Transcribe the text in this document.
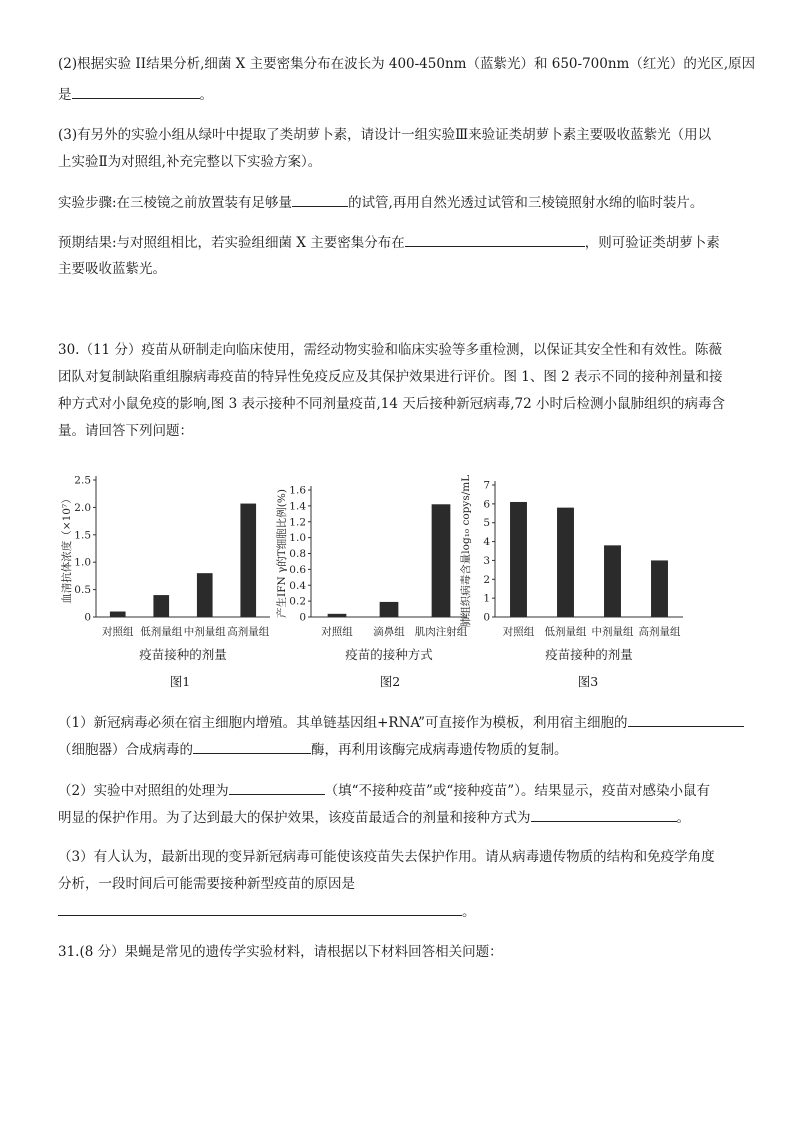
(2)根据实验 II结果分析,细菌 X 主要密集分布在波长为 400-450nm（蓝紫光）和 650-700nm（红光）的光区,原因
是	。
(3)有另外的实验小组从绿叶中提取了类胡萝卜素，请设计一组实验Ⅲ来验证类胡萝卜素主要吸收蓝紫光（用以
上实验Ⅱ为对照组,补充完整以下实验方案）。
实验步骤:在三棱镜之前放置装有足够量	的试管,再用自然光透过试管和三棱镜照射水绵的临时装片。
预期结果:与对照组相比，若实验组细菌 X 主要密集分布在	，则可验证类胡萝卜素
主要吸收蓝紫光。
30.（11 分）疫苗从研制走向临床使用，需经动物实验和临床实验等多重检测，以保证其安全性和有效性。陈薇
团队对复制缺陷重组腺病毒疫苗的特异性免疫反应及其保护效果进行评价。图 1、图 2 表示不同的接种剂量和接
种方式对小鼠免疫的影响,图 3 表示接种不同剂量疫苗,14 天后接种新冠病毒,72 小时后检测小鼠肺组织的病毒含
量。请回答下列问题：
0
0.5
1.0
1.5
2.0
2.5
对照组 低剂量组 中剂量组 高剂量组
疫苗接种的剂量
血清抗体浓度（×10⁷）
图1
0
0.2
0.4
0.6
0.8
1.0
1.2
1.4
1.6
对照组 滴鼻组 肌肉注射组
疫苗的接种方式
产生IFN γ的T细胞比例(%)
图2
0
1
2
3
4
5
6
7
对照组 低剂量组 中剂量组 高剂量组
疫苗接种的剂量
肺组织病毒含量log₁₀ copys/mL
图3
（1）新冠病毒必须在宿主细胞内增殖。其单链基因组+RNA”可直接作为模板，利用宿主细胞的
（细胞器）合成病毒的	酶，再利用该酶完成病毒遗传物质的复制。
（2）实验中对照组的处理为	（填“不接种疫苗”或“接种疫苗”）。结果显示，疫苗对感染小鼠有
明显的保护作用。为了达到最大的保护效果，该疫苗最适合的剂量和接种方式为	。
（3）有人认为，最新出现的变异新冠病毒可能使该疫苗失去保护作用。请从病毒遗传物质的结构和免疫学角度
分析，一段时间后可能需要接种新型疫苗的原因是
。
31.(8 分）果蝇是常见的遗传学实验材料，请根据以下材料回答相关问题：
